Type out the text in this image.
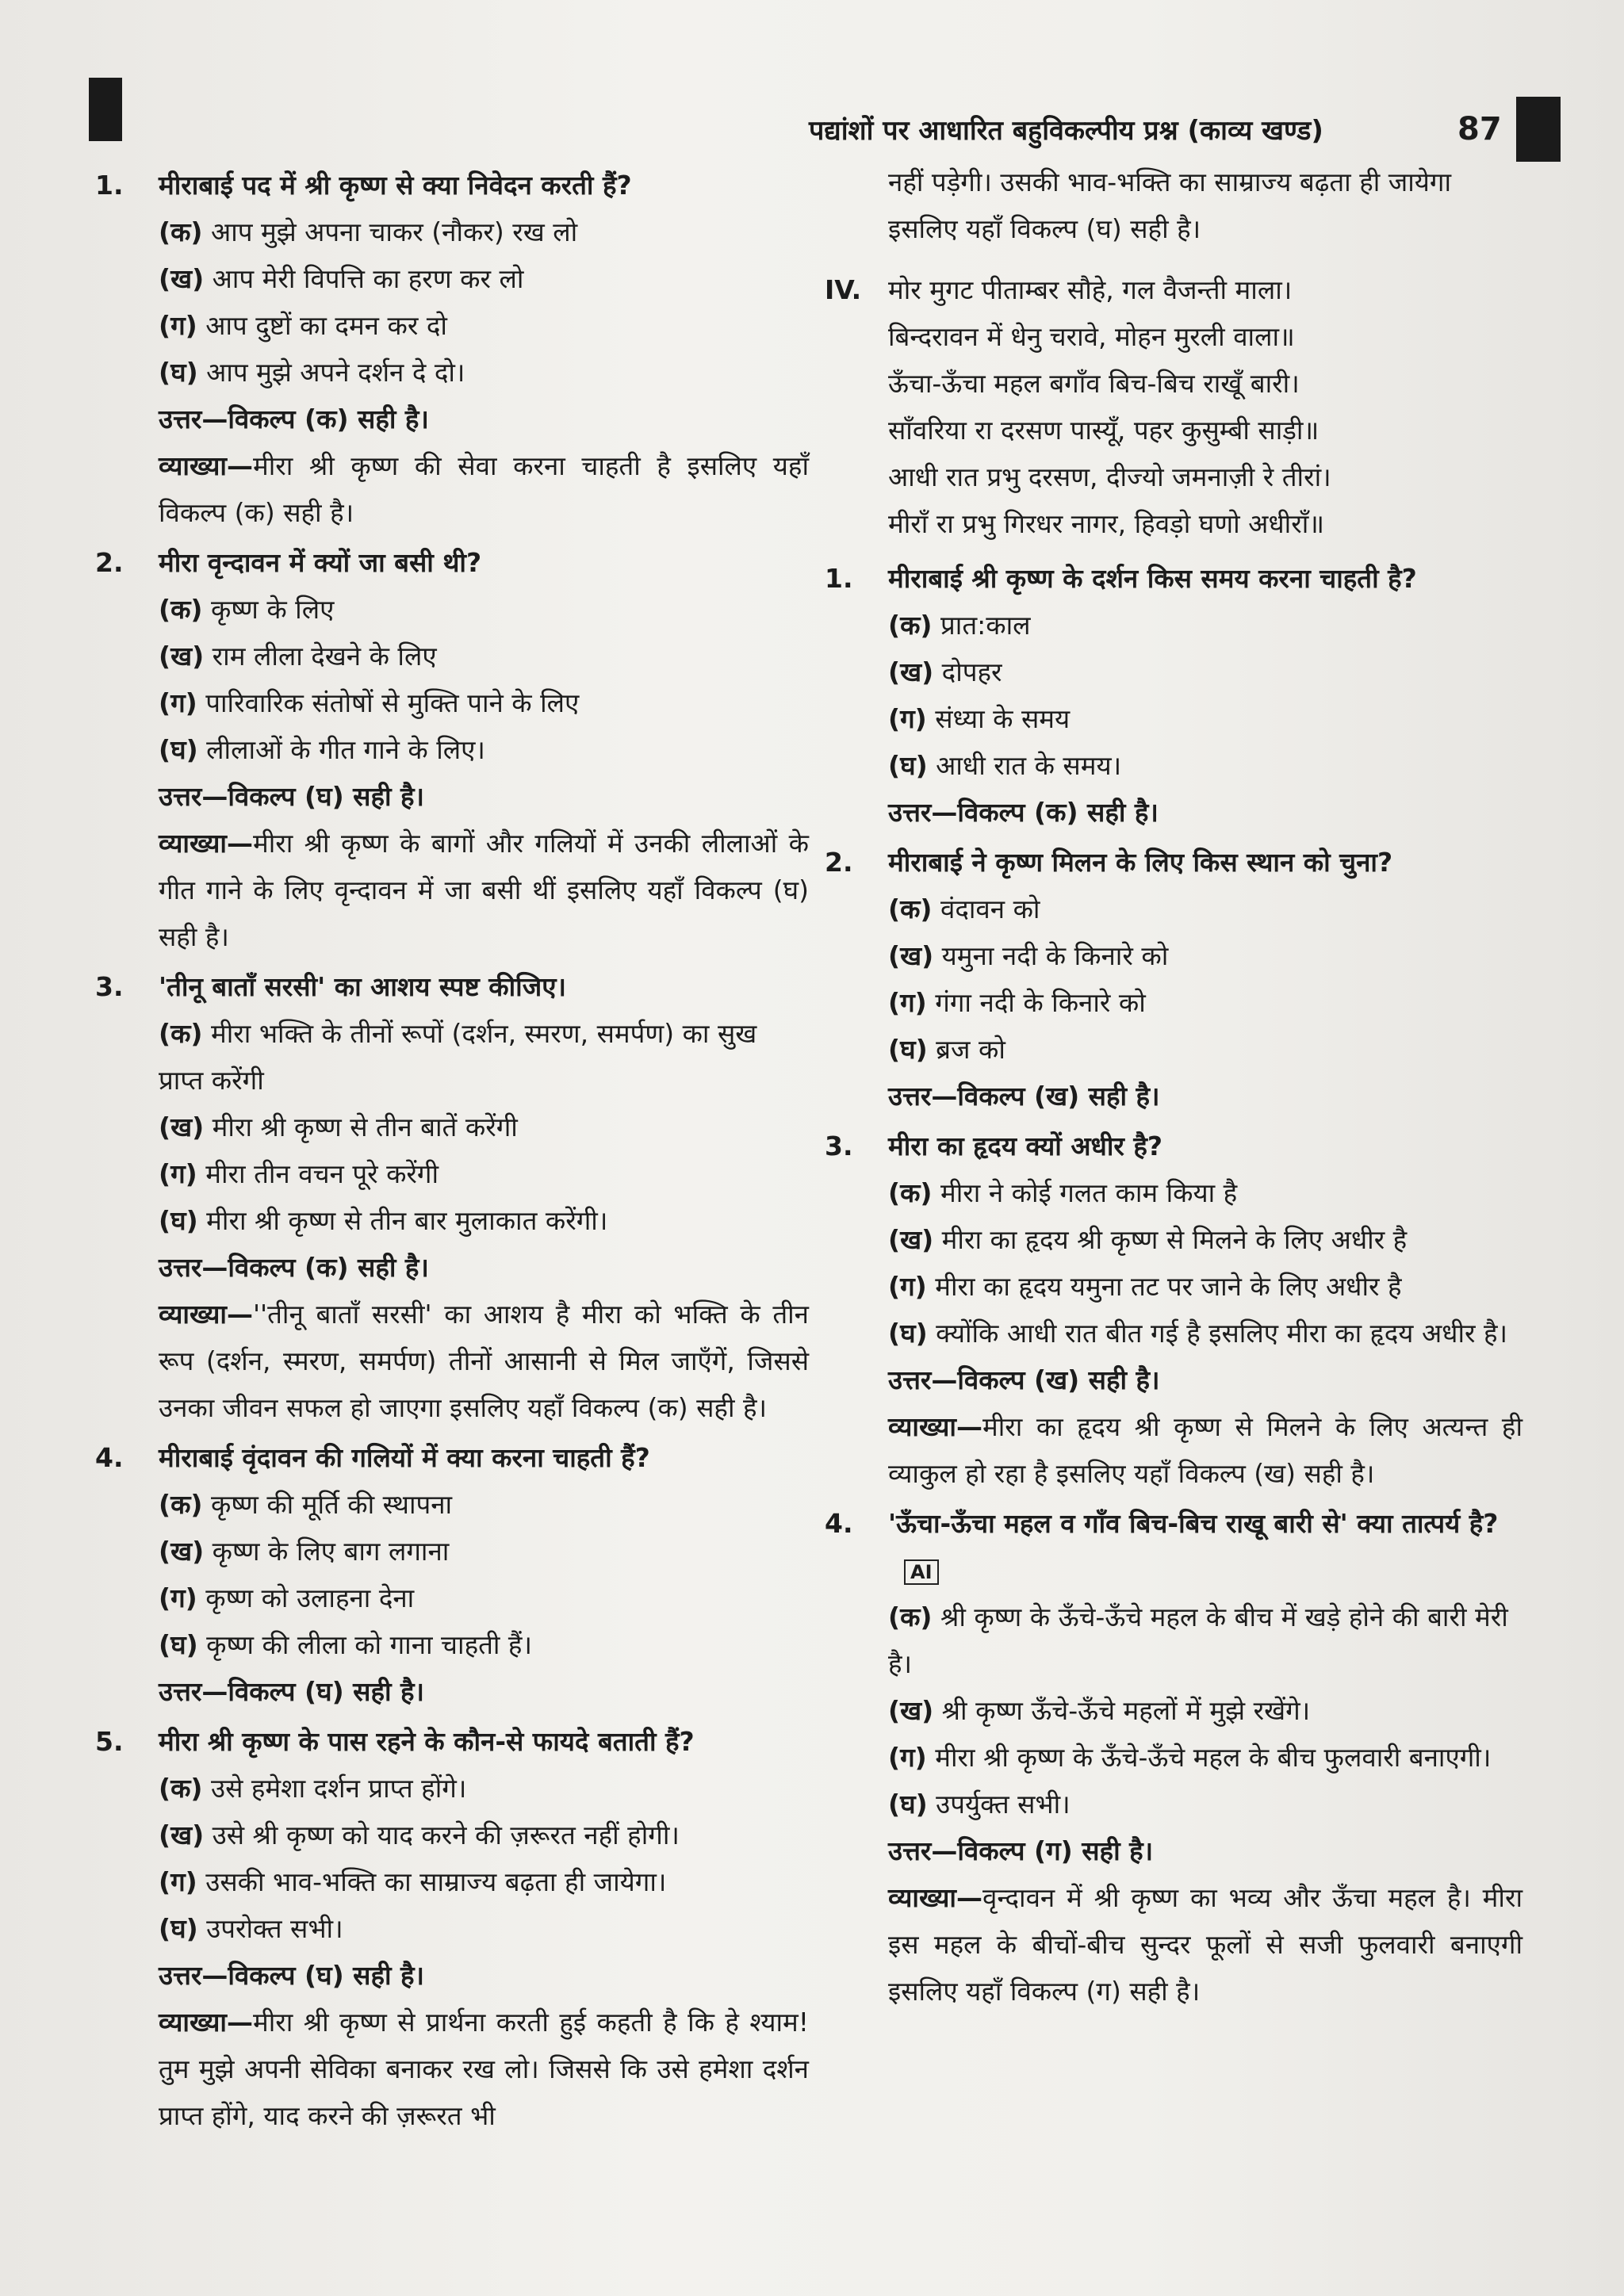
पद्यांशों पर आधारित बहुविकल्पीय प्रश्न (काव्य खण्ड)	87
1.	मीराबाई पद में श्री कृष्ण से क्या निवेदन करती हैं?
(क) आप मुझे अपना चाकर (नौकर) रख लो
(ख) आप मेरी विपत्ति का हरण कर लो
(ग) आप दुष्टों का दमन कर दो
(घ) आप मुझे अपने दर्शन दे दो।
उत्तर—विकल्प (क) सही है।
व्याख्या—मीरा श्री कृष्ण की सेवा करना चाहती है इसलिए यहाँ विकल्प (क) सही है।
2.	मीरा वृन्दावन में क्यों जा बसी थी?
(क) कृष्ण के लिए
(ख) राम लीला देखने के लिए
(ग) पारिवारिक संतोषों से मुक्ति पाने के लिए
(घ) लीलाओं के गीत गाने के लिए।
उत्तर—विकल्प (घ) सही है।
व्याख्या—मीरा श्री कृष्ण के बागों और गलियों में उनकी लीलाओं के गीत गाने के लिए वृन्दावन में जा बसी थीं इसलिए यहाँ विकल्प (घ) सही है।
3.	'तीनू बाताँ सरसी' का आशय स्पष्ट कीजिए।
(क) मीरा भक्ति के तीनों रूपों (दर्शन, स्मरण, समर्पण) का सुख प्राप्त करेंगी
(ख) मीरा श्री कृष्ण से तीन बातें करेंगी
(ग) मीरा तीन वचन पूरे करेंगी
(घ) मीरा श्री कृष्ण से तीन बार मुलाकात करेंगी।
उत्तर—विकल्प (क) सही है।
व्याख्या—''तीनू बाताँ सरसी' का आशय है मीरा को भक्ति के तीन रूप (दर्शन, स्मरण, समर्पण) तीनों आसानी से मिल जाएँगें, जिससे उनका जीवन सफल हो जाएगा इसलिए यहाँ विकल्प (क) सही है।
4.	मीराबाई वृंदावन की गलियों में क्या करना चाहती हैं?
(क) कृष्ण की मूर्ति की स्थापना
(ख) कृष्ण के लिए बाग लगाना
(ग) कृष्ण को उलाहना देना
(घ) कृष्ण की लीला को गाना चाहती हैं।
उत्तर—विकल्प (घ) सही है।
5.	मीरा श्री कृष्ण के पास रहने के कौन-से फायदे बताती हैं?
(क) उसे हमेशा दर्शन प्राप्त होंगे।
(ख) उसे श्री कृष्ण को याद करने की ज़रूरत नहीं होगी।
(ग) उसकी भाव-भक्ति का साम्राज्य बढ़ता ही जायेगा।
(घ) उपरोक्त सभी।
उत्तर—विकल्प (घ) सही है।
व्याख्या—मीरा श्री कृष्ण से प्रार्थना करती हुई कहती है कि हे श्याम! तुम मुझे अपनी सेविका बनाकर रख लो। जिससे कि उसे हमेशा दर्शन प्राप्त होंगे, याद करने की ज़रूरत भी
नहीं पड़ेगी। उसकी भाव-भक्ति का साम्राज्य बढ़ता ही जायेगा इसलिए यहाँ विकल्प (घ) सही है।
IV.	मोर मुगट पीताम्बर सौहे, गल वैजन्ती माला।
बिन्दरावन में धेनु चरावे, मोहन मुरली वाला॥
ऊँचा-ऊँचा महल बगाँव बिच-बिच राखूँ बारी।
साँवरिया रा दरसण पास्यूँ, पहर कुसुम्बी साड़ी॥
आधी रात प्रभु दरसण, दीज्यो जमनाज़ी रे तीरां।
मीराँ रा प्रभु गिरधर नागर, हिवड़ो घणो अधीराँ॥
1.	मीराबाई श्री कृष्ण के दर्शन किस समय करना चाहती है?
(क) प्रात:काल
(ख) दोपहर
(ग) संध्या के समय
(घ) आधी रात के समय।
उत्तर—विकल्प (क) सही है।
2.	मीराबाई ने कृष्ण मिलन के लिए किस स्थान को चुना?
(क) वंदावन को
(ख) यमुना नदी के किनारे को
(ग) गंगा नदी के किनारे को
(घ) ब्रज को
उत्तर—विकल्प (ख) सही है।
3.	मीरा का हृदय क्यों अधीर है?
(क) मीरा ने कोई गलत काम किया है
(ख) मीरा का हृदय श्री कृष्ण से मिलने के लिए अधीर है
(ग) मीरा का हृदय यमुना तट पर जाने के लिए अधीर है
(घ) क्योंकि आधी रात बीत गई है इसलिए मीरा का हृदय अधीर है।
उत्तर—विकल्प (ख) सही है।
व्याख्या—मीरा का हृदय श्री कृष्ण से मिलने के लिए अत्यन्त ही व्याकुल हो रहा है इसलिए यहाँ विकल्प (ख) सही है।
4.	'ऊँचा-ऊँचा महल व गाँव बिच-बिच राखू बारी से' क्या तात्पर्य है?AI
(क) श्री कृष्ण के ऊँचे-ऊँचे महल के बीच में खड़े होने की बारी मेरी है।
(ख) श्री कृष्ण ऊँचे-ऊँचे महलों में मुझे रखेंगे।
(ग) मीरा श्री कृष्ण के ऊँचे-ऊँचे महल के बीच फुलवारी बनाएगी।
(घ) उपर्युक्त सभी।
उत्तर—विकल्प (ग) सही है।
व्याख्या—वृन्दावन में श्री कृष्ण का भव्य और ऊँचा महल है। मीरा इस महल के बीचों-बीच सुन्दर फूलों से सजी फुलवारी बनाएगी इसलिए यहाँ विकल्प (ग) सही है।
